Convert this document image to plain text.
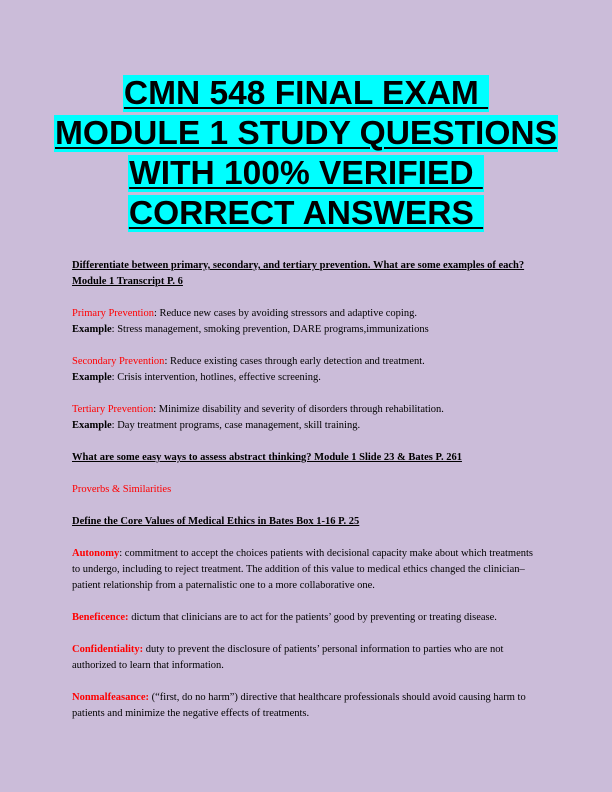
CMN 548 FINAL EXAM
MODULE 1 STUDY QUESTIONS
WITH 100% VERIFIED
CORRECT ANSWERS

Differentiate between primary, secondary, and tertiary prevention. What are some examples of each? Module 1 Transcript P. 6

Primary Prevention: Reduce new cases by avoiding stressors and adaptive coping.

Example: Stress management, smoking prevention, DARE programs,immunizations

Secondary Prevention: Reduce existing cases through early detection and treatment.

Example: Crisis intervention, hotlines, effective screening.

Tertiary Prevention: Minimize disability and severity of disorders through rehabilitation.

Example: Day treatment programs, case management, skill training.

What are some easy ways to assess abstract thinking? Module 1 Slide 23 & Bates P. 261

Proverbs & Similarities

Define the Core Values of Medical Ethics in Bates Box 1-16 P. 25

Autonomy: commitment to accept the choices patients with decisional capacity make about which treatments to undergo, including to reject treatment. The addition of this value to medical ethics changed the clinician–patient relationship from a paternalistic one to a more collaborative one.

Beneficence: dictum that clinicians are to act for the patients’ good by preventing or treating disease.

Confidentiality: duty to prevent the disclosure of patients’ personal information to parties who are not authorized to learn that information.

Nonmalfeasance: (“first, do no harm”) directive that healthcare professionals should avoid causing harm to patients and minimize the negative effects of treatments.
